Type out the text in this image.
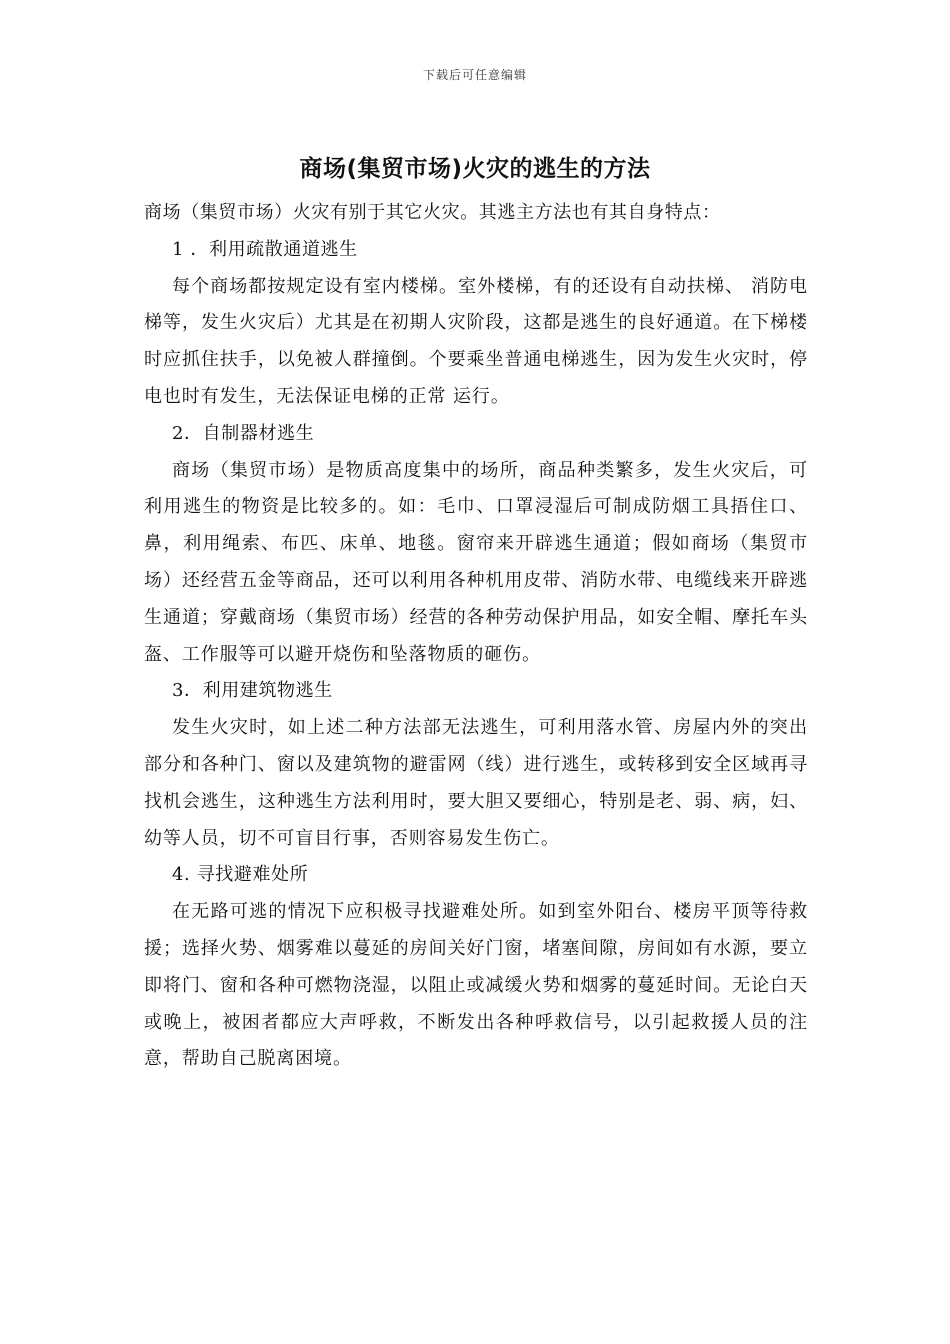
下载后可任意编辑
商场(集贸市场)火灾的逃生的方法

商场（集贸市场）火灾有别于其它火灾。其逃主方法也有其自身特点：

1 ．利用疏散通道逃生

每个商场都按规定设有室内楼梯。室外楼梯，有的还设有自动扶梯、 消防电梯等，发生火灾后）尤其是在初期人灾阶段，这都是逃生的良好通道。在下梯楼时应抓住扶手，以免被人群撞倒。个要乘坐普通电梯逃生，因为发生火灾时，停电也时有发生，无法保证电梯的正常 运行。

2．自制器材逃生

商场（集贸市场）是物质高度集中的场所，商品种类繁多，发生火灾后，可利用逃生的物资是比较多的。如：毛巾、口罩浸湿后可制成防烟工具捂住口、鼻，利用绳索、布匹、床单、地毯。窗帘来开辟逃生通道；假如商场（集贸市场）还经营五金等商品，还可以利用各种机用皮带、消防水带、电缆线来开辟逃生通道；穿戴商场（集贸市场）经营的各种劳动保护用品，如安全帽、摩托车头盔、工作服等可以避开烧伤和坠落物质的砸伤。

3．利用建筑物逃生

发生火灾时，如上述二种方法部无法逃生，可利用落水管、房屋内外的突出部分和各种门、窗以及建筑物的避雷网（线）进行逃生，或转移到安全区域再寻找机会逃生，这种逃生方法利用时，要大胆又要细心，特别是老、弱、病，妇、幼等人员，切不可盲目行事，否则容易发生伤亡。

4. 寻找避难处所

在无路可逃的情况下应积极寻找避难处所。如到室外阳台、楼房平顶等待救援；选择火势、烟雾难以蔓延的房间关好门窗，堵塞间隙，房间如有水源，要立即将门、窗和各种可燃物浇湿，以阻止或减缓火势和烟雾的蔓延时间。无论白天或晚上，被困者都应大声呼救，不断发出各种呼救信号，以引起救援人员的注意，帮助自己脱离困境。
